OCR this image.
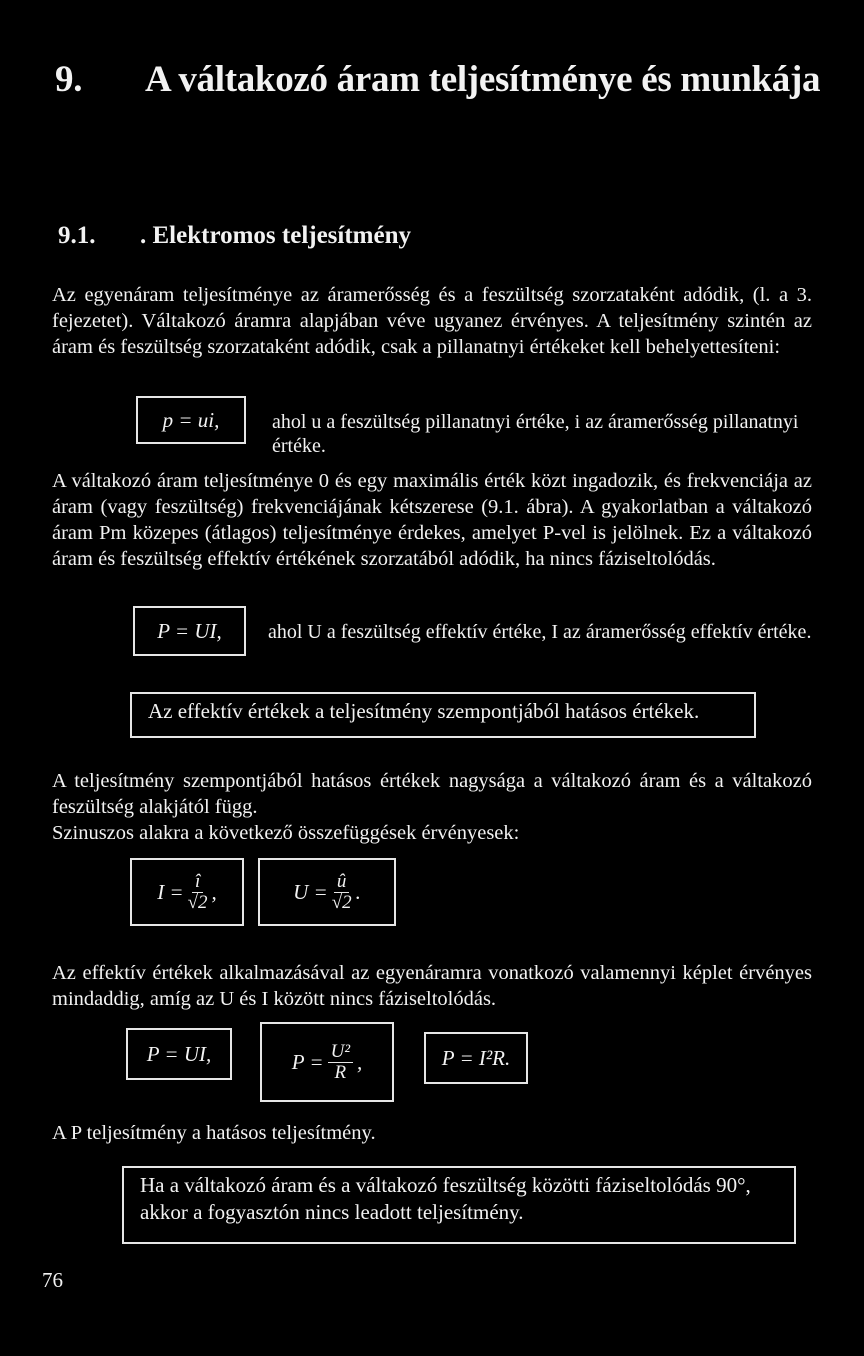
9. A váltakozó áram teljesítménye és munkája
9.1. . Elektromos teljesítmény
Az egyenáram teljesítménye az áramerősség és a feszültség szorzataként adódik, (l. a 3. fejezetet). Váltakozó áramra alapjában véve ugyanez érvényes. A teljesítmény szintén az áram és feszültség szorzataként adódik, csak a pillanatnyi értékeket kell behelyettesíteni:
p = ui,	ahol u a feszültség pillanatnyi értéke, i az áramerősség pillanatnyi értéke.
A váltakozó áram teljesítménye 0 és egy maximális érték közt ingadozik, és frekvenciája az áram (vagy feszültség) frekvenciájának kétszerese (9.1. ábra). A gyakorlatban a váltakozó áram Pm közepes (átlagos) teljesítménye érdekes, amelyet P-vel is jelölnek. Ez a váltakozó áram és feszültség effektív értékének szorzatából adódik, ha nincs fáziseltolódás.
P = UI,	ahol U a feszültség effektív értéke, I az áramerősség effektív értéke.
Az effektív értékek a teljesítmény szempontjából hatásos értékek.
A teljesítmény szempontjából hatásos értékek nagysága a váltakozó áram és a váltakozó feszültség alakjától függ.
Szinuszos alakra a következő összefüggések érvényesek:
$I = \frac{î}{√2}$ ,	$U = \frac{û}{√2}$ .
Az effektív értékek alkalmazásával az egyenáramra vonatkozó valamennyi képlet érvényes mindaddig, amíg az U és I között nincs fáziseltolódás.
P = UI,	$P = \frac{\text{U²}}{R}$ ,	P = I²R.
A P teljesítmény a hatásos teljesítmény.
Ha a váltakozó áram és a váltakozó feszültség közötti fáziseltolódás 90°, akkor a fogyasztón nincs leadott teljesítmény.
76
